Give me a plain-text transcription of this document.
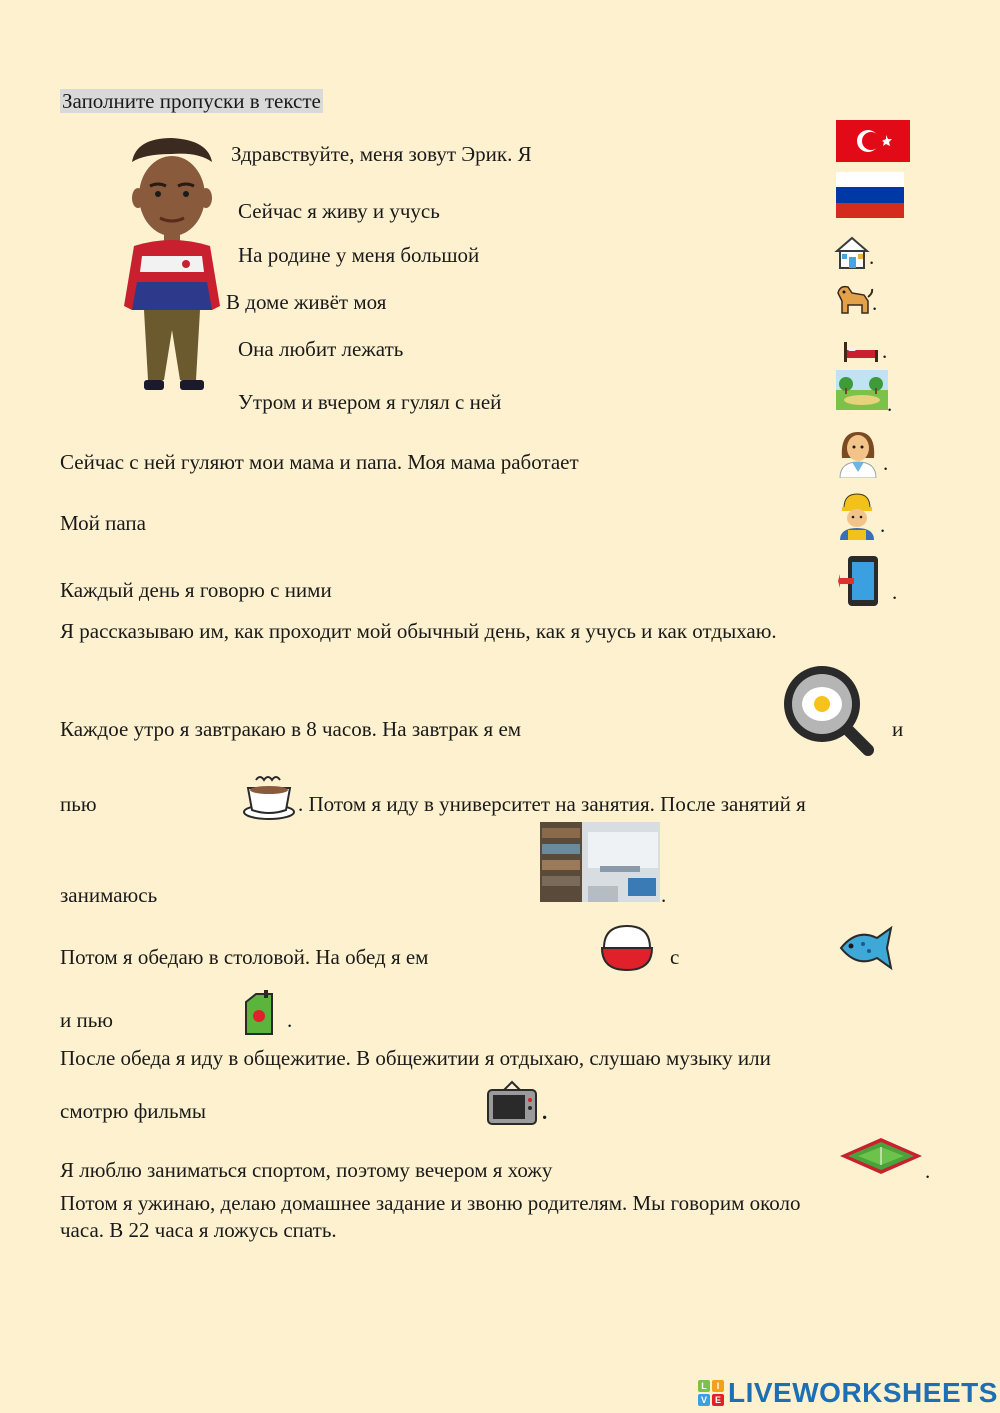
Заполните пропуски в тексте
Здравствуйте, меня зовут Эрик. Я
Сейчас я живу и учусь
На родине у меня большой
В доме живёт моя
Она любит лежать
Утром и вчером я гулял с ней
.
.
.
.
Сейчас с ней гуляют мои мама и папа. Моя мама работает	.
Мой папа	.
Каждый день я говорю с ними	.
Я рассказываю им, как проходит мой обычный день, как я учусь и как отдыхаю.
Каждое утро я завтракаю в 8 часов. На завтрак я ем	и
пью	. Потом я иду в университет на занятия. После занятий я
занимаюсь	.
Потом я обедаю в столовой. На обед я ем	с
и пью	.
После обеда я иду в общежитие. В общежитии я отдыхаю, слушаю музыку или
смотрю фильмы	.
Я люблю заниматься спортом, поэтому вечером я хожу	.
Потом я ужинаю, делаю домашнее задание и звоню родителям. Мы говорим около
часа. В 22 часа я ложусь спать.
L	I
V E LIVEWORKSHEETS
